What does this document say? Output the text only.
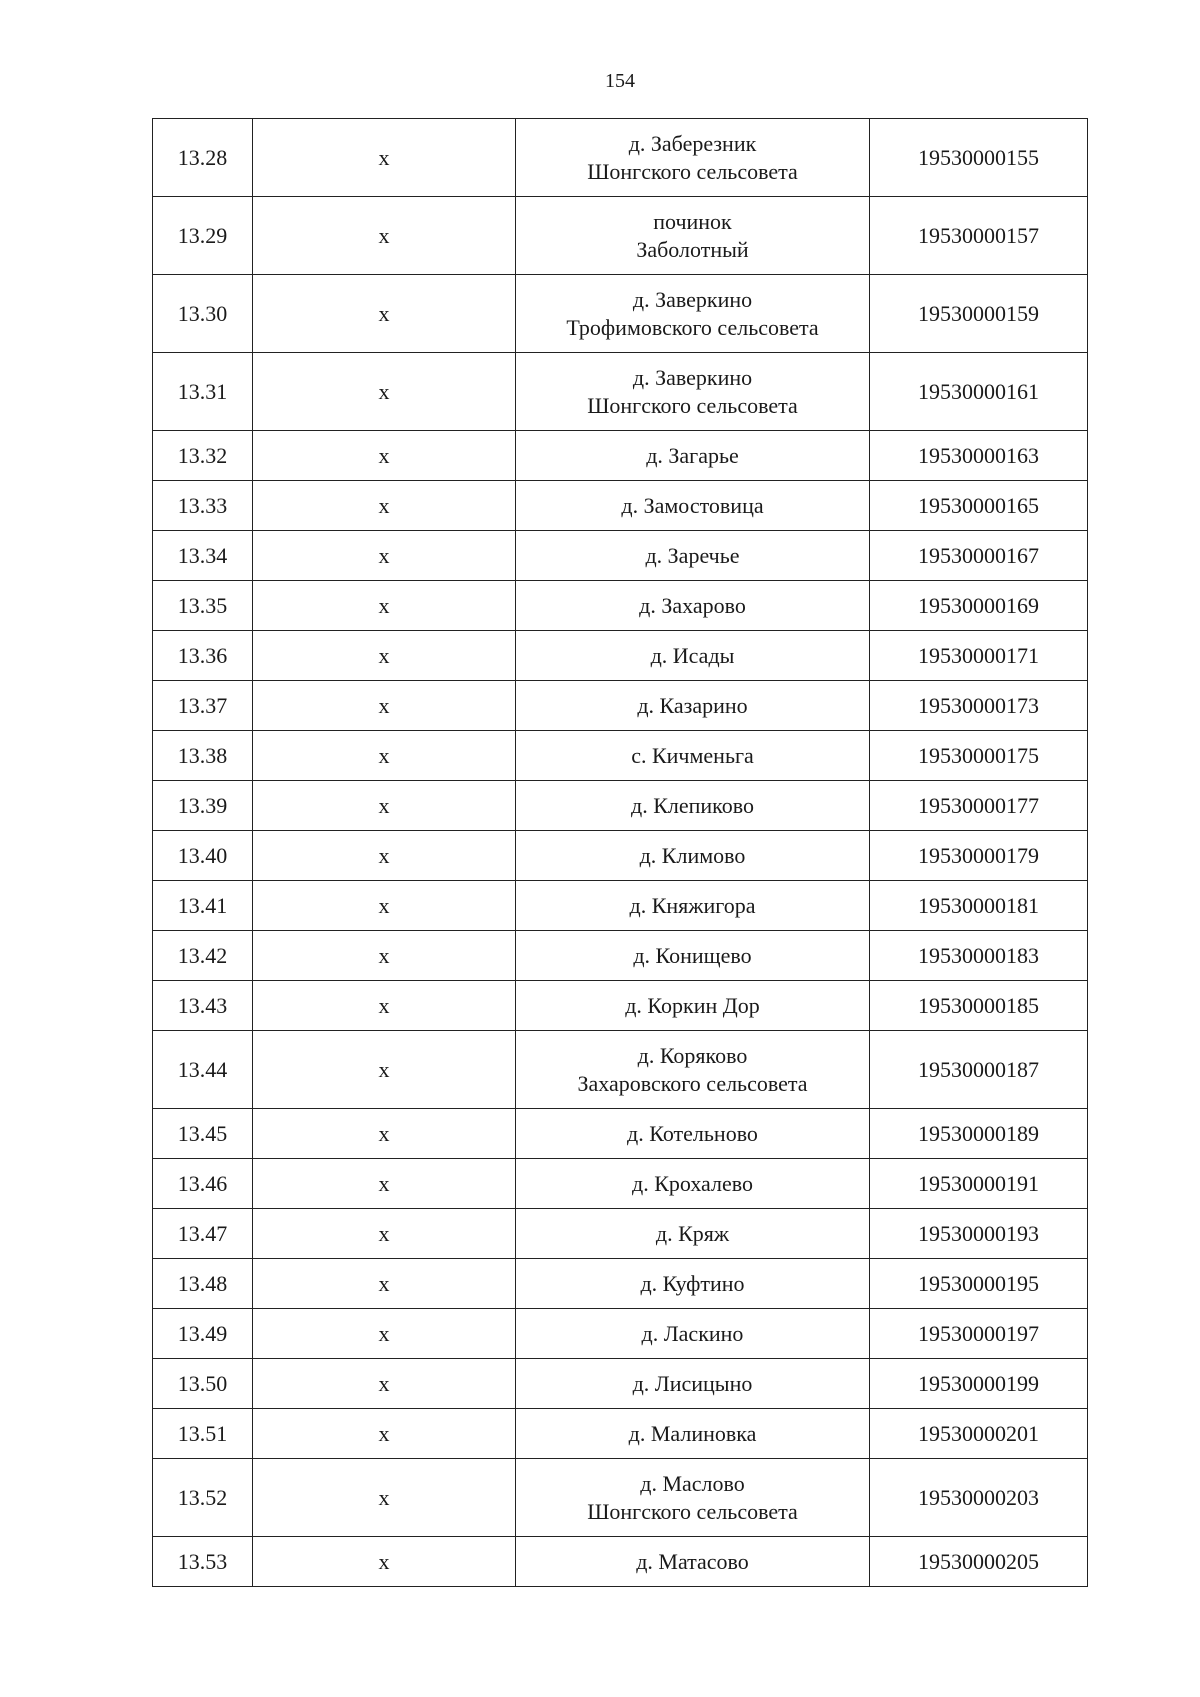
154
13.28	х	д. Заберезник
Шонгского сельсовета	19530000155
13.29	х	починок
Заболотный	19530000157
13.30	х	д. Заверкино
Трофимовского сельсовета	19530000159
13.31	х	д. Заверкино
Шонгского сельсовета	19530000161
13.32	х	д. Загарье	19530000163
13.33	х	д. Замостовица	19530000165
13.34	х	д. Заречье	19530000167
13.35	х	д. Захарово	19530000169
13.36	х	д. Исады	19530000171
13.37	х	д. Казарино	19530000173
13.38	х	с. Кичменьга	19530000175
13.39	х	д. Клепиково	19530000177
13.40	х	д. Климово	19530000179
13.41	х	д. Княжигора	19530000181
13.42	х	д. Конищево	19530000183
13.43	х	д. Коркин Дор	19530000185
13.44	х	д. Коряково
Захаровского сельсовета	19530000187
13.45	х	д. Котельново	19530000189
13.46	х	д. Крохалево	19530000191
13.47	х	д. Кряж	19530000193
13.48	х	д. Куфтино	19530000195
13.49	х	д. Ласкино	19530000197
13.50	х	д. Лисицыно	19530000199
13.51	х	д. Малиновка	19530000201
13.52	х	д. Маслово
Шонгского сельсовета	19530000203
13.53	х	д. Матасово	19530000205
